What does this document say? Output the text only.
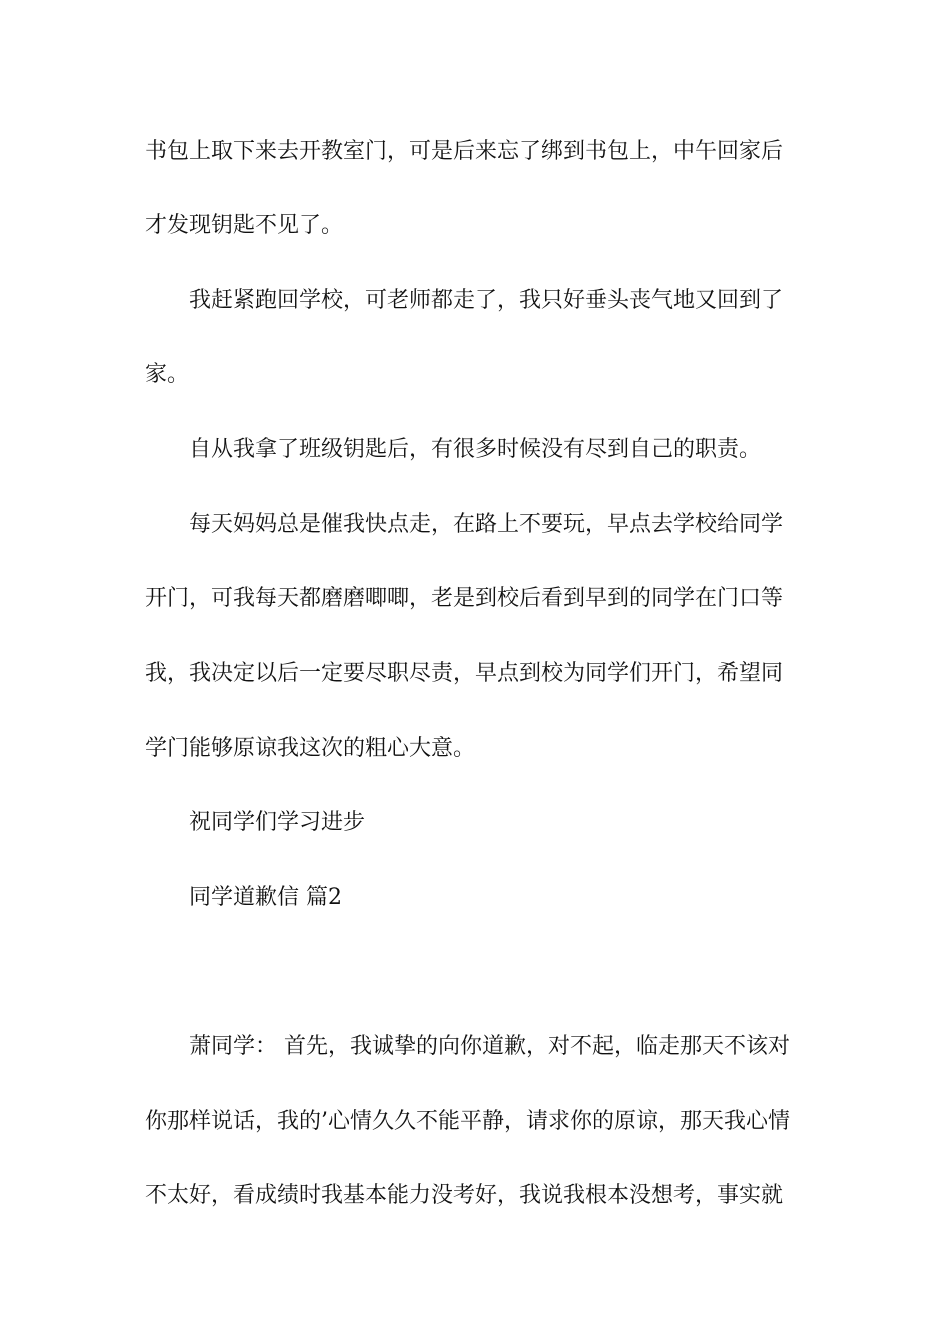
书包上取下来去开教室门，可是后来忘了绑到书包上，中午回家后

才发现钥匙不见了。

我赶紧跑回学校，可老师都走了，我只好垂头丧气地又回到了

家。

自从我拿了班级钥匙后，有很多时候没有尽到自己的职责。

每天妈妈总是催我快点走，在路上不要玩，早点去学校给同学

开门，可我每天都磨磨唧唧，老是到校后看到早到的同学在门口等

我，我决定以后一定要尽职尽责，早点到校为同学们开门，希望同

学门能够原谅我这次的粗心大意。

祝同学们学习进步

同学道歉信 篇2

萧同学： 首先，我诚挚的向你道歉，对不起，临走那天不该对

你那样说话，我的’心情久久不能平静，请求你的原谅，那天我心情

不太好，看成绩时我基本能力没考好，我说我根本没想考，事实就
